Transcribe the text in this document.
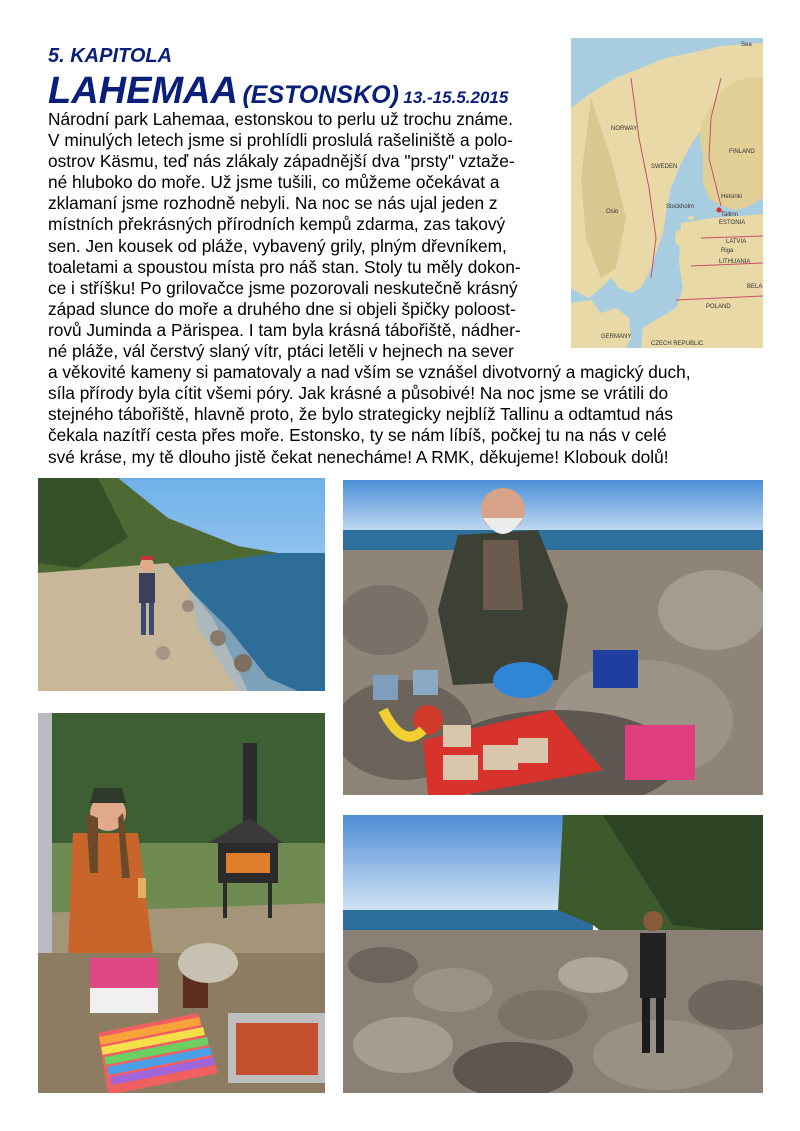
5. KAPITOLA
LAHEMAA (ESTONSKO) 13.-15.5.2015
Národní park Lahemaa, estonskou to perlu už trochu známe.
V minulých letech jsme si prohlídli proslulá rašeliniště a polo-
ostrov Käsmu, teď nás zlákaly západnější dva "prsty" vztaže-
né hluboko do moře. Už jsme tušili, co můžeme očekávat a
zklamaní jsme rozhodně nebyli. Na noc se nás ujal jeden z
místních překrásných přírodních kempů zdarma, zas takový
sen. Jen kousek od pláže, vybavený grily, plným dřevníkem,
toaletami a spoustou místa pro náš stan. Stoly tu měly dokon-
ce i stříšku! Po grilovačce jsme pozorovali neskutečně krásný
západ slunce do moře a druhého dne si objeli špičky poloost-
rovů Juminda a Pärispea. I tam byla krásná tábořiště, nádher-
né pláže, vál čerstvý slaný vítr, ptáci letěli v hejnech na sever
a věkovité kameny si pamatovaly a nad vším se vznášel divotvorný a magický duch,
síla přírody byla cítit všemi póry. Jak krásné a působivé! Na noc jsme se vrátili do
stejného tábořiště, hlavně proto, že bylo strategicky nejblíž Tallinu a odtamtud nás
čekala nazítří cesta přes moře. Estonsko, ty se nám líbíš, počkej tu na nás v celé
své kráse, my tě dlouho jistě čekat nenecháme! A RMK, děkujeme! Klobouk dolů!
Sea
NORWAY
SWEDEN
FINLAND
Stockholm
Helsinki
Tallinn
ESTONIA
LATVIA
LITHUANIA
POLAND
GERMANY
BELA
CZECH REPUBLIC
Oslo
Riga
